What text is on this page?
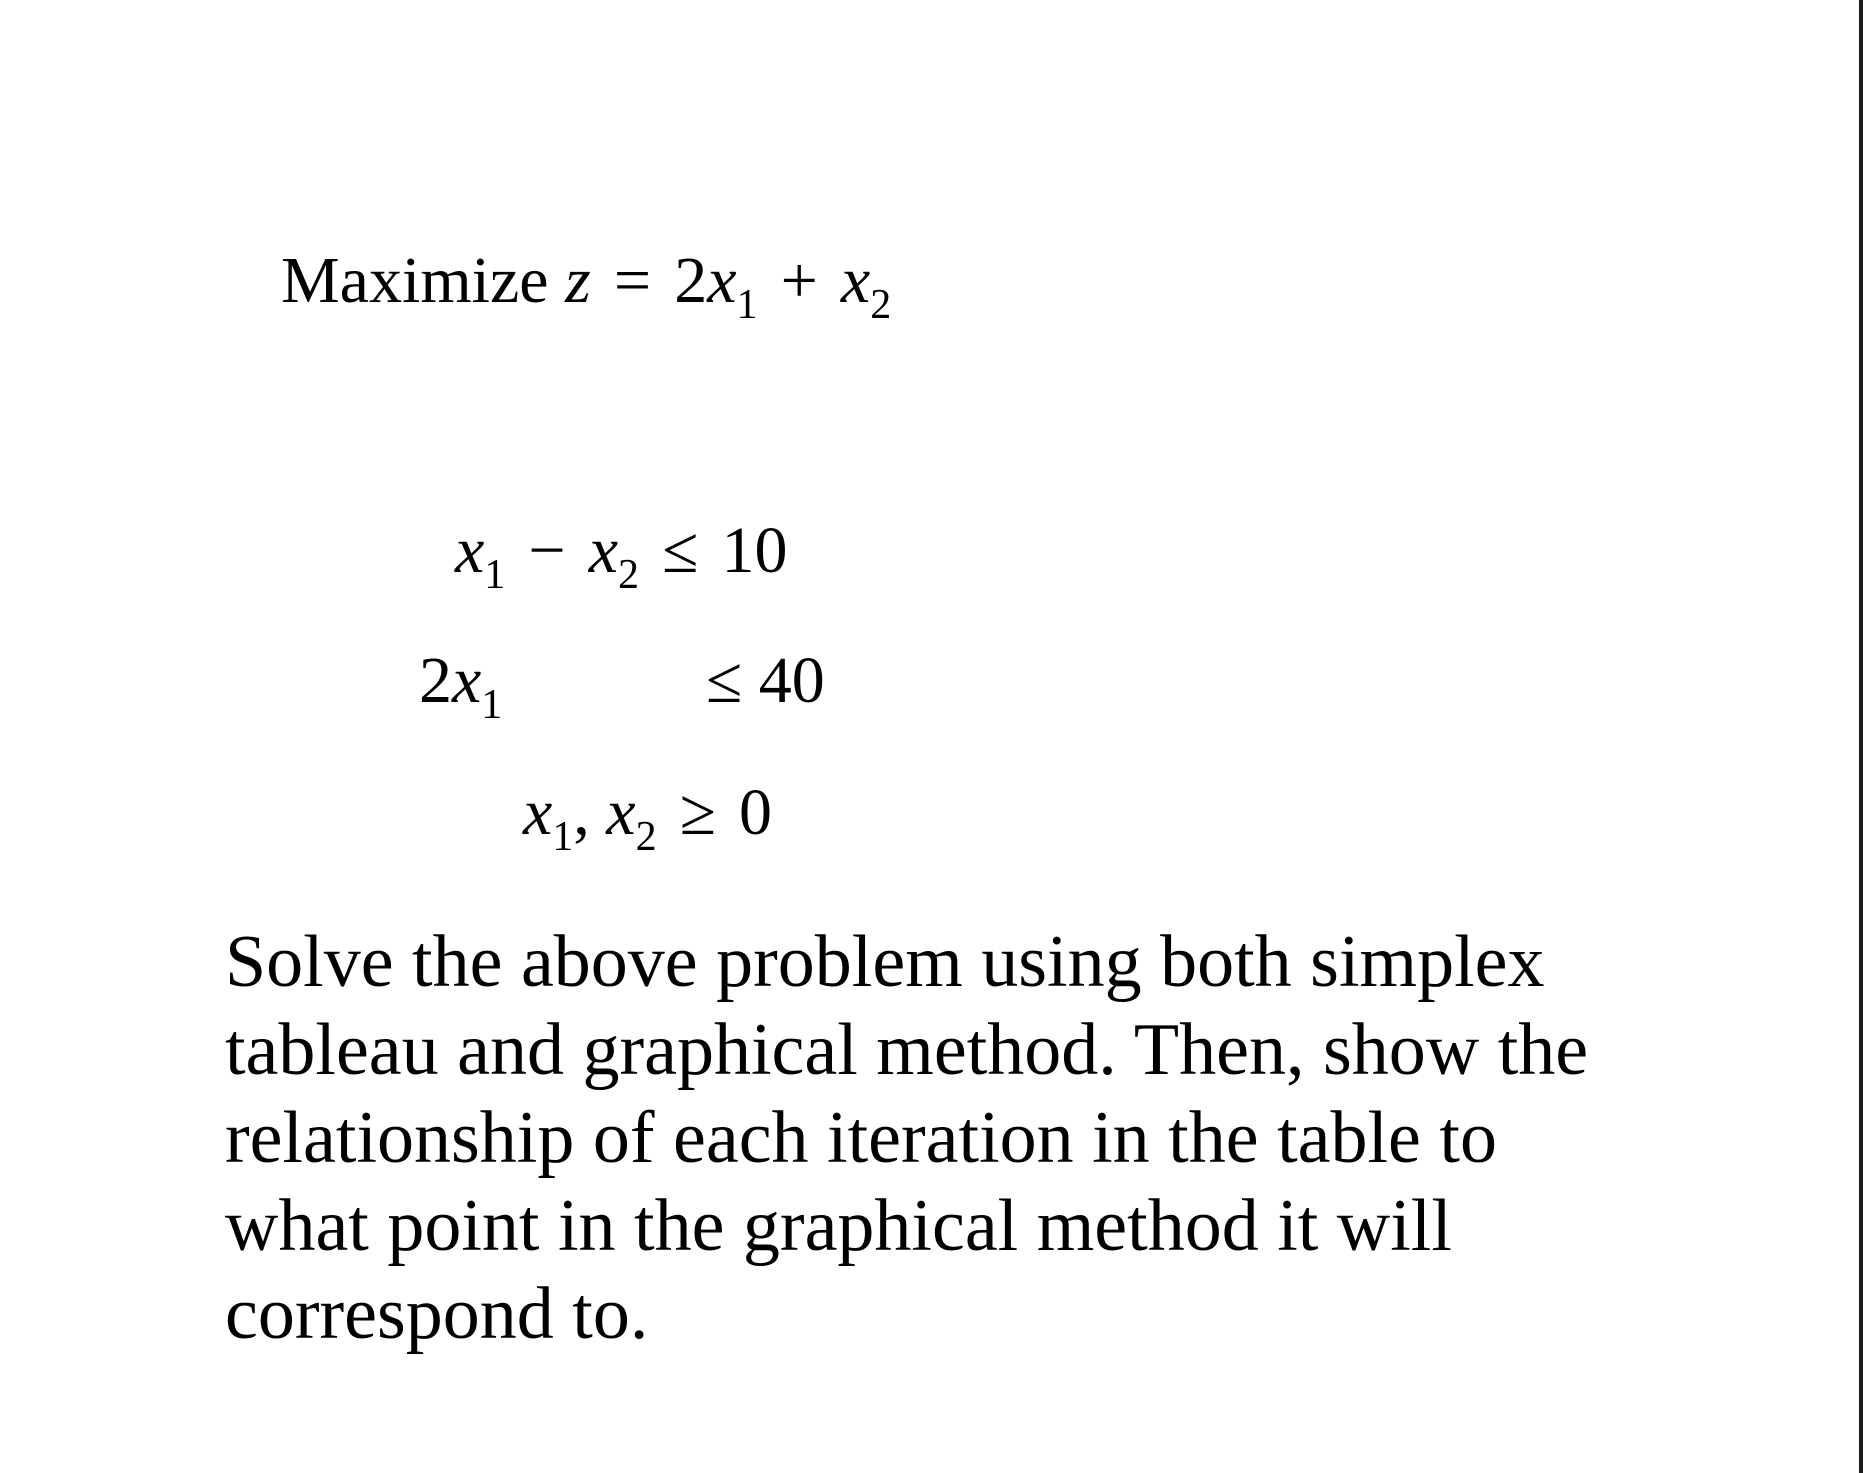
Maximize $z = 2x_1 + x_2$
$x_1 - x_2 \le 10$
$2x_1$	≤ 40
$x_1$, $x_2 \ge 0$

Solve the above problem using both simplex tableau and graphical method. Then, show the relationship of each iteration in the table to what point in the graphical method it will correspond to.
